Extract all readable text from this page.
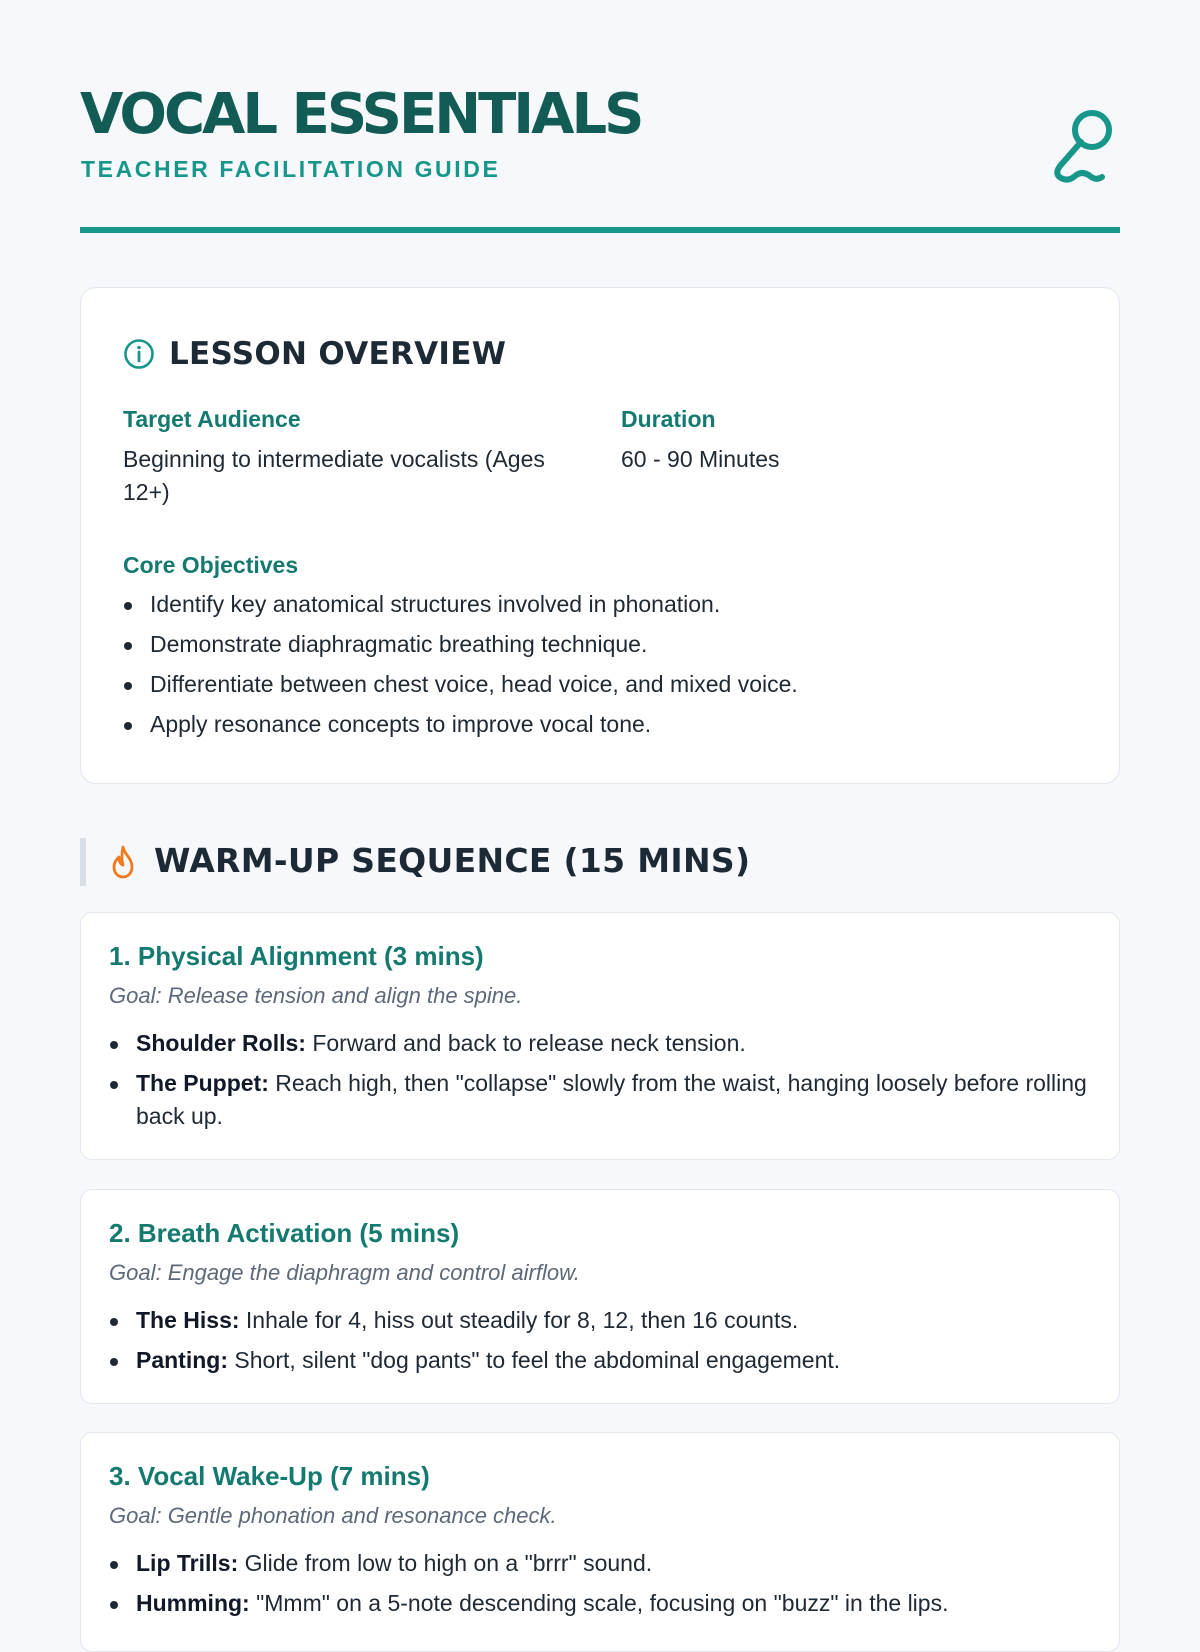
VOCAL ESSENTIALS
TEACHER FACILITATION GUIDE
LESSON OVERVIEW
Target Audience
Beginning to intermediate vocalists (Ages 12+)
Duration
60 - 90 Minutes
Core Objectives
Identify key anatomical structures involved in phonation.
Demonstrate diaphragmatic breathing technique.
Differentiate between chest voice, head voice, and mixed voice.
Apply resonance concepts to improve vocal tone.
WARM-UP SEQUENCE (15 MINS)
1. Physical Alignment (3 mins)
Goal: Release tension and align the spine.
Shoulder Rolls: Forward and back to release neck tension.
The Puppet: Reach high, then "collapse" slowly from the waist, hanging loosely before rolling back up.
2. Breath Activation (5 mins)
Goal: Engage the diaphragm and control airflow.
The Hiss: Inhale for 4, hiss out steadily for 8, 12, then 16 counts.
Panting: Short, silent "dog pants" to feel the abdominal engagement.
3. Vocal Wake-Up (7 mins)
Goal: Gentle phonation and resonance check.
Lip Trills: Glide from low to high on a "brrr" sound.
Humming: "Mmm" on a 5-note descending scale, focusing on "buzz" in the lips.
